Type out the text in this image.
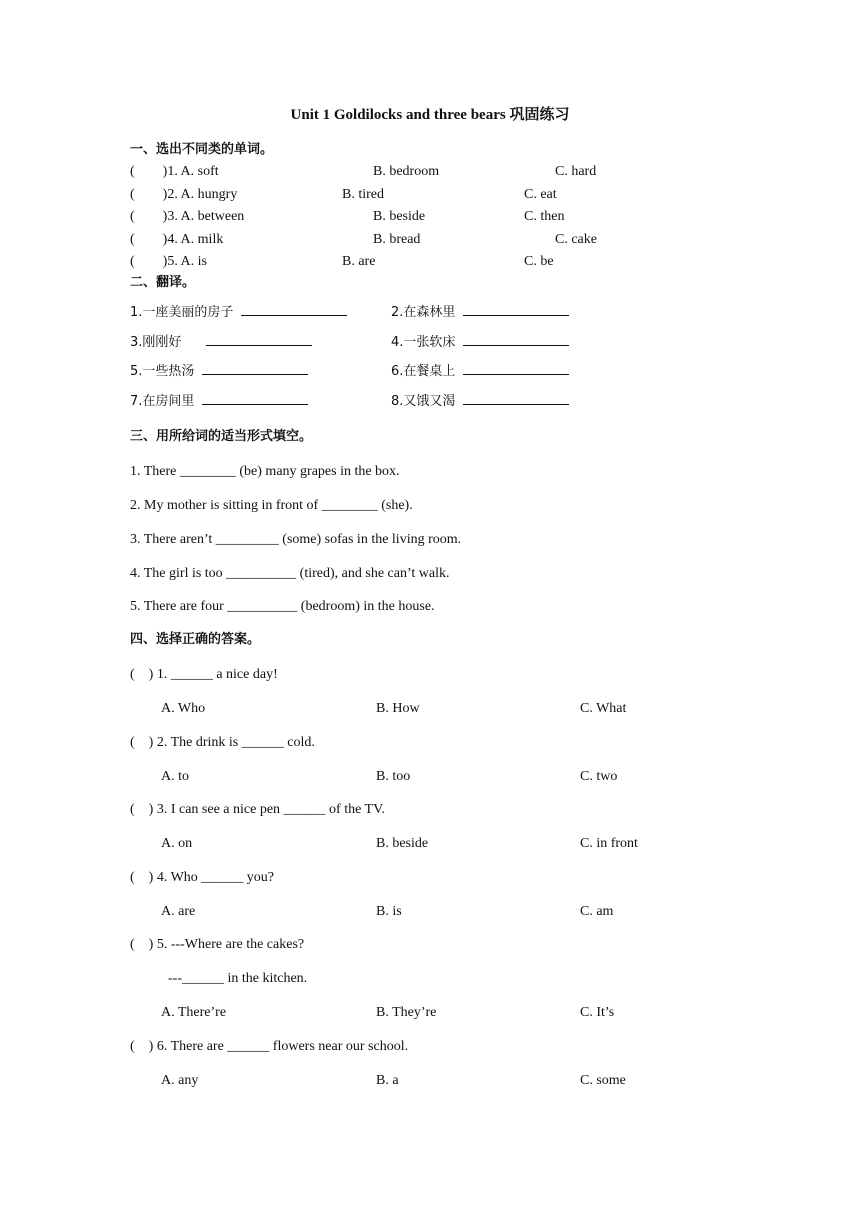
Unit 1 Goldilocks and three bears 巩固练习
一、选出不同类的单词。
(        )1. A. soft	B. bedroom	C. hard
(        )2. A. hungry	B. tired	C. eat
(        )3. A. between	B. beside	C. then
(        )4. A. milk	B. bread	C. cake
(        )5. A. is	B. are	C. be
二、翻译。
1.一座美丽的房子	2.在森林里
3.刚刚好	4.一张软床
5.一些热汤	6.在餐桌上
7.在房间里	8.又饿又渴
三、用所给词的适当形式填空。
1. There ________ (be) many grapes in the box.
2. My mother is sitting in front of ________ (she).
3. There aren’t _________ (some) sofas in the living room.
4. The girl is too __________ (tired), and she can’t walk.
5. There are four __________ (bedroom) in the house.
四、选择正确的答案。
(    ) 1. ______ a nice day!
A. Who	B. How	C. What
(    ) 2. The drink is ______ cold.
A. to	B. too	C. two
(    ) 3. I can see a nice pen ______ of the TV.
A. on	B. beside	C. in front
(    ) 4. Who ______ you?
A. are	B. is	C. am
(    ) 5. ---Where are the cakes?
---______ in the kitchen.
A. There’re	B. They’re	C. It’s
(    ) 6. There are ______ flowers near our school.
A. any	B. a	C. some
